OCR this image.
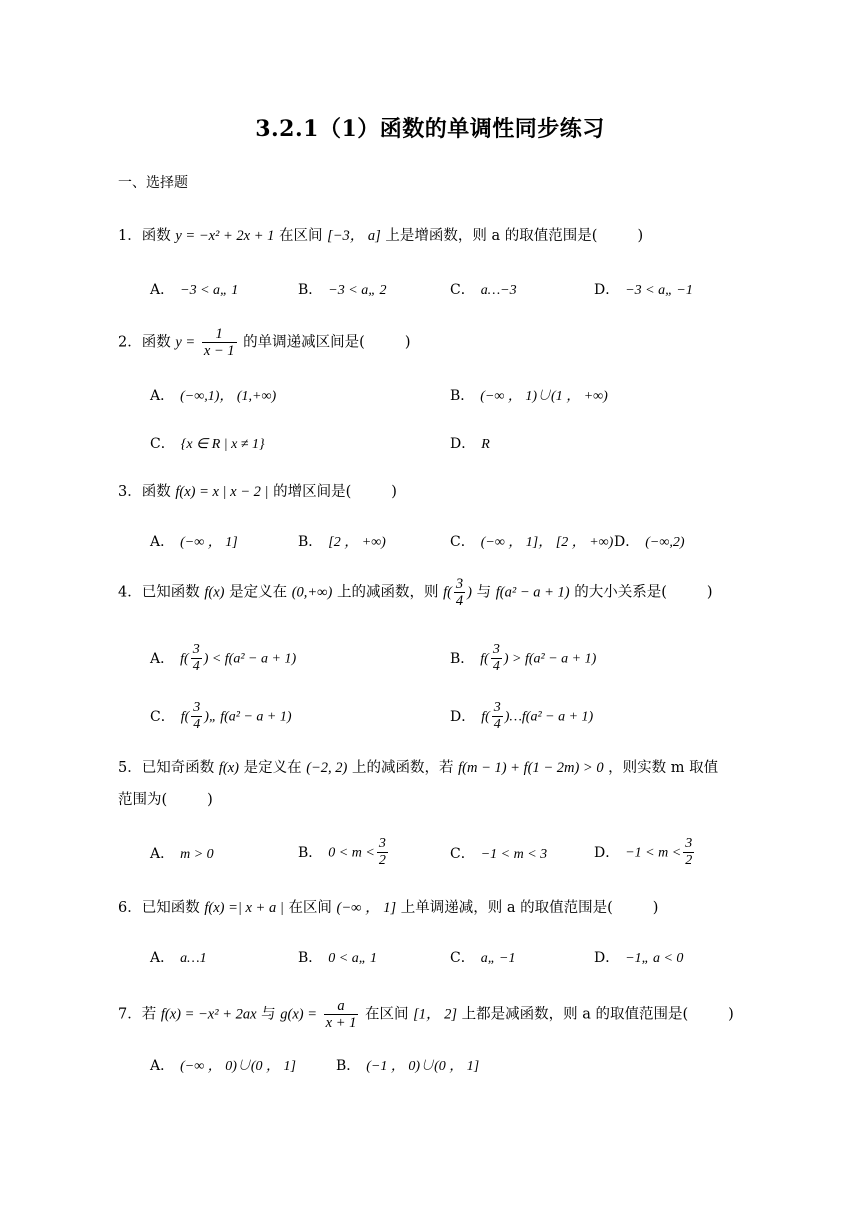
3.2.1（1）函数的单调性同步练习
一、选择题
1．函数 y = −x² + 2x + 1 在区间 [−3， a] 上是增函数，则 a 的取值范围是(	)
A． −3 < a„ 1	B． −3 < a„ 2	C． a…−3	D． −3 < a„ −1
2．函数 $y = \frac{1}{x - 1}$ 的单调递减区间是(	)
A． (−∞,1)， (1,+∞)	B． (−∞ ， 1)∪(1 ， +∞)
C． {x ∈ R | x ≠ 1}	D． R
3．函数 f(x) = x | x − 2 | 的增区间是(	)
A． (−∞ ， 1]	B． [2 ， +∞)	C． (−∞ ， 1]， [2 ， +∞) D． (−∞,2)
4．已知函数 f(x) 是定义在 (0,+∞) 上的减函数，则 $f( \frac{3}{4}$ ) 与 f(a² − a + 1) 的大小关系是(	)
A． $f( \frac{3}{4}$ ) < f(a² − a + 1)	B． $f( \frac{3}{4}$ ) > f(a² − a + 1)
C． $f( \frac{3}{4}$ )„ f(a² − a + 1)	D． $f( \frac{3}{4}$ )…f(a² − a + 1)
5．已知奇函数 f(x) 是定义在 (−2, 2) 上的减函数，若 f(m − 1) + f(1 − 2m) > 0 ，则实数 m 取值
范围为(	)
A． m > 0	B． $0 < m < \frac{3}{2}$	C． −1 < m < 3	D． $-1 < m < \frac{3}{2}$
6．已知函数 f(x) =| x + a | 在区间 (−∞ ， 1] 上单调递减，则 a 的取值范围是(	)
A． a…1	B． 0 < a„ 1	C． a„ −1	D． −1„ a < 0
7．若 f(x) = −x² + 2ax 与 $g(x) = \frac{a}{x + 1}$ 在区间 [1， 2] 上都是减函数，则 a 的取值范围是(	)
A． (−∞ ， 0)∪(0 ， 1]	B． (−1 ， 0)∪(0 ， 1]
